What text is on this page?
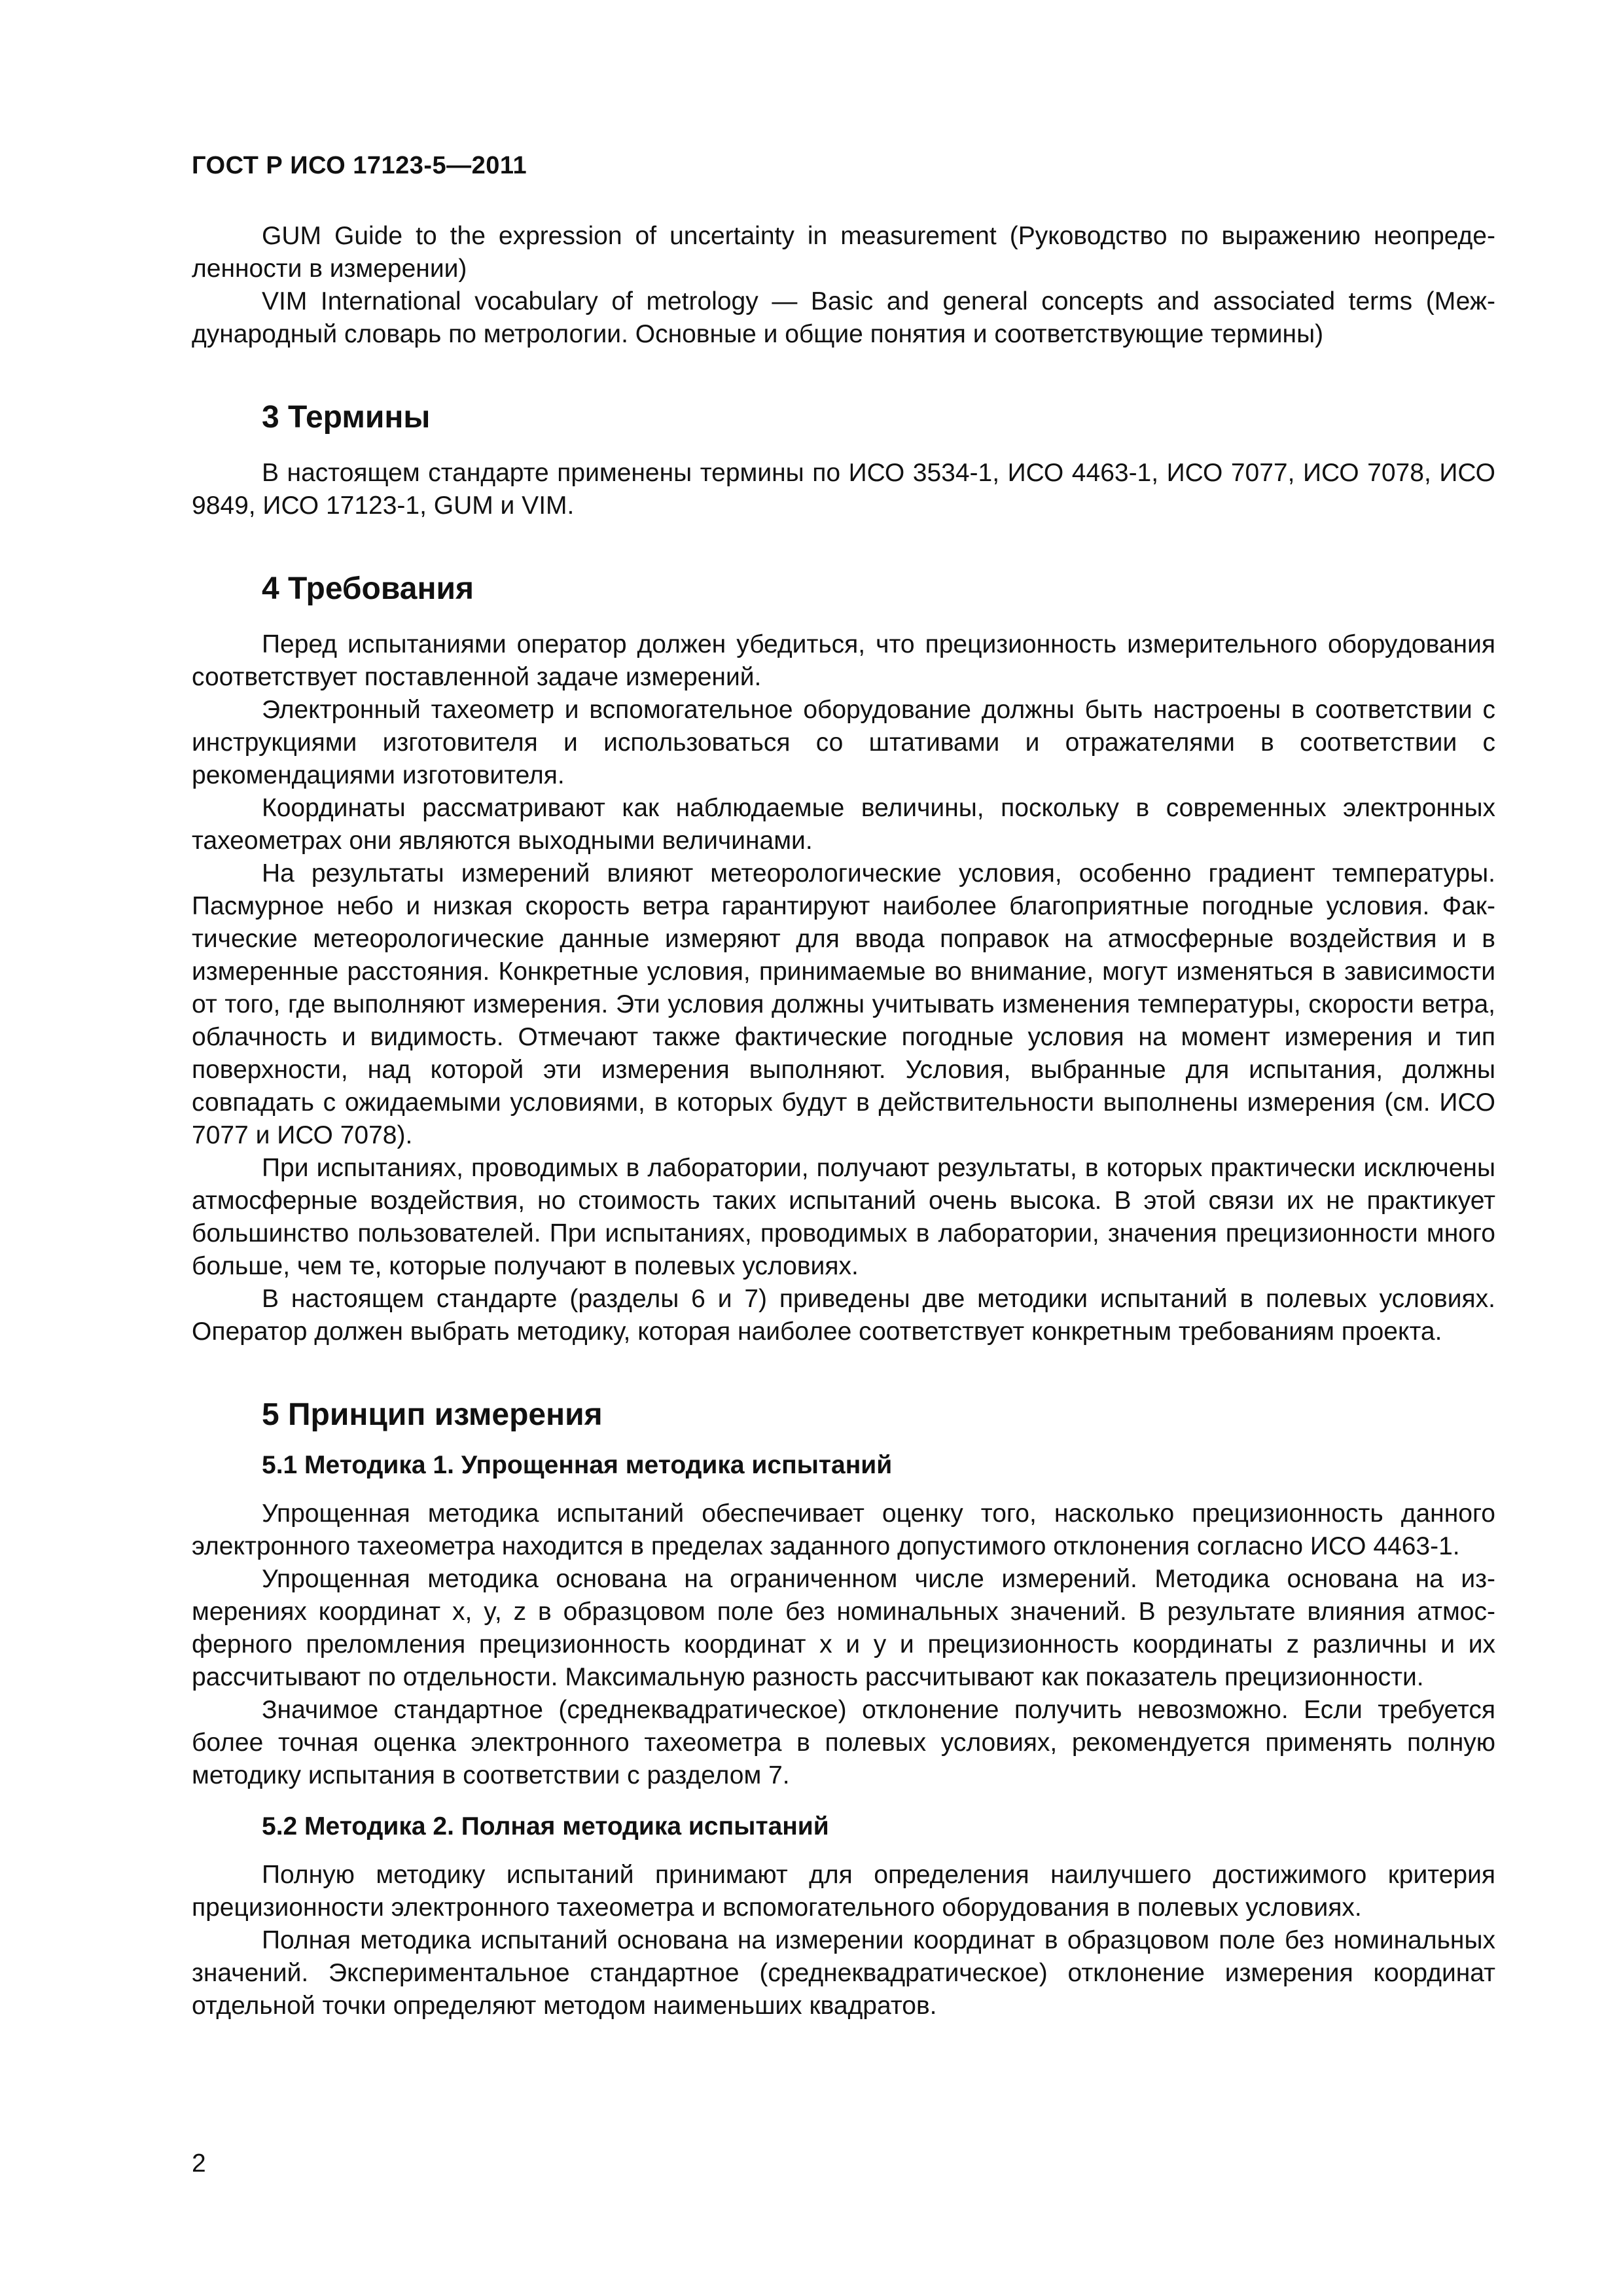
ГОСТ Р ИСО 17123-5—2011

GUM Guide to the expression of uncertainty in measurement (Руководство по выражению неопределенности в измерении)

VIM International vocabulary of metrology — Basic and general concepts and associated terms (Международный словарь по метрологии. Основные и общие понятия и соответствующие термины)

3 Термины

В настоящем стандарте применены термины по ИСО 3534-1, ИСО 4463-1, ИСО 7077, ИСО 7078, ИСО 9849, ИСО 17123-1, GUM и VIM.

4 Требования

Перед испытаниями оператор должен убедиться, что прецизионность измерительного оборудования соответствует поставленной задаче измерений.

Электронный тахеометр и вспомогательное оборудование должны быть настроены в соответствии с инструкциями изготовителя и использоваться со штативами и отражателями в соответствии с рекомендациями изготовителя.

Координаты рассматривают как наблюдаемые величины, поскольку в современных электронных тахеометрах они являются выходными величинами.

На результаты измерений влияют метеорологические условия, особенно градиент температуры. Пасмурное небо и низкая скорость ветра гарантируют наиболее благоприятные погодные условия. Фактические метеорологические данные измеряют для ввода поправок на атмосферные воздействия и в измеренные расстояния. Конкретные условия, принимаемые во внимание, могут изменяться в зависимости от того, где выполняют измерения. Эти условия должны учитывать изменения температуры, скорости ветра, облачность и видимость. Отмечают также фактические погодные условия на момент измерения и тип поверхности, над которой эти измерения выполняют. Условия, выбранные для испытания, должны совпадать с ожидаемыми условиями, в которых будут в действительности выполнены измерения (см. ИСО 7077 и ИСО 7078).

При испытаниях, проводимых в лаборатории, получают результаты, в которых практически исключены атмосферные воздействия, но стоимость таких испытаний очень высока. В этой связи их не практикует большинство пользователей. При испытаниях, проводимых в лаборатории, значения прецизионности много больше, чем те, которые получают в полевых условиях.

В настоящем стандарте (разделы 6 и 7) приведены две методики испытаний в полевых условиях. Оператор должен выбрать методику, которая наиболее соответствует конкретным требованиям проекта.

5 Принцип измерения
5.1 Методика 1. Упрощенная методика испытаний

Упрощенная методика испытаний обеспечивает оценку того, насколько прецизионность данного электронного тахеометра находится в пределах заданного допустимого отклонения согласно ИСО 4463-1.

Упрощенная методика основана на ограниченном числе измерений. Методика основана на измерениях координат x, y, z в образцовом поле без номинальных значений. В результате влияния атмосферного преломления прецизионность координат x и y и прецизионность координаты z различны и их рассчитывают по отдельности. Максимальную разность рассчитывают как показатель прецизионности.

Значимое стандартное (среднеквадратическое) отклонение получить невозможно. Если требуется более точная оценка электронного тахеометра в полевых условиях, рекомендуется применять полную методику испытания в соответствии с разделом 7.

5.2 Методика 2. Полная методика испытаний

Полную методику испытаний принимают для определения наилучшего достижимого критерия прецизионности электронного тахеометра и вспомогательного оборудования в полевых условиях.

Полная методика испытаний основана на измерении координат в образцовом поле без номинальных значений. Экспериментальное стандартное (среднеквадратическое) отклонение измерения координат отдельной точки определяют методом наименьших квадратов.

2
